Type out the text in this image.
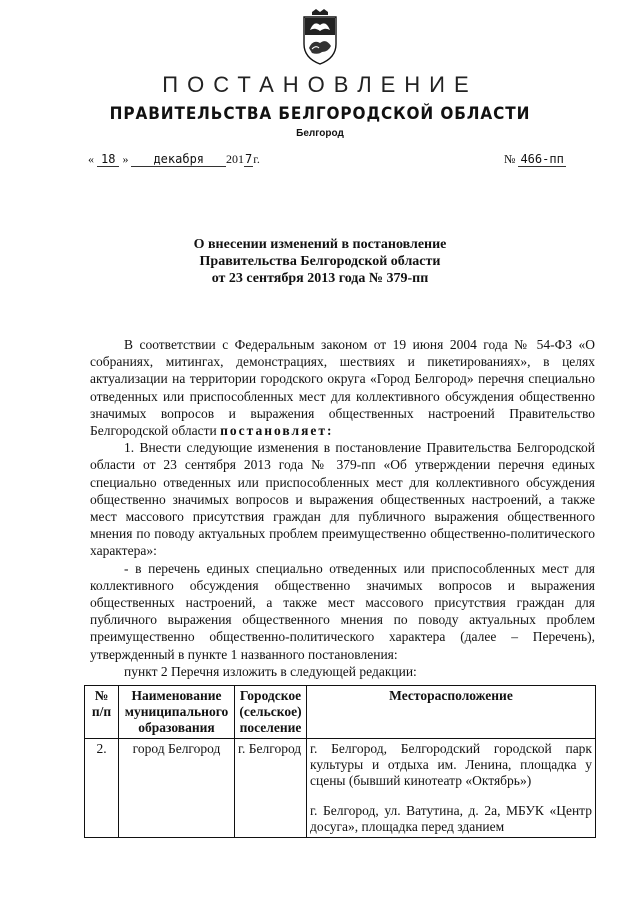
ПОСТАНОВЛЕНИЕ
ПРАВИТЕЛЬСТВА БЕЛГОРОДСКОЙ ОБЛАСТИ
Белгород
« 18 » декабря 2017г.	№ 466-пп
О внесении изменений в постановление
Правительства Белгородской области
от 23 сентября 2013 года № 379-пп

В соответствии с Федеральным законом от 19 июня 2004 года № 54-ФЗ «О собраниях, митингах, демонстрациях, шествиях и пикетированиях», в целях актуализации на территории городского округа «Город Белгород» перечня специально отведенных или приспособленных мест для коллективного обсуждения общественно значимых вопросов и выражения общественных настроений Правительство Белгородской области постановляет:

1. Внести следующие изменения в постановление Правительства Белгородской области от 23 сентября 2013 года № 379-пп «Об утверждении перечня единых специально отведенных или приспособленных мест для коллективного обсуждения общественно значимых вопросов и выражения общественных настроений, а также мест массового присутствия граждан для публичного выражения общественного мнения по поводу актуальных проблем преимущественно общественно-политического характера»:

- в перечень единых специально отведенных или приспособленных мест для коллективного обсуждения общественно значимых вопросов и выражения общественных настроений, а также мест массового присутствия граждан для публичного выражения общественного мнения по поводу актуальных проблем преимущественно общественно-политического характера (далее – Перечень), утвержденный в пункте 1 названного постановления:

пункт 2 Перечня изложить в следующей редакции:

№ п/п	Наименование муниципального образования	Городское (сельское) поселение	Месторасположение
2.	город Белгород	г. Белгород	г. Белгород, Белгородский городской парк культуры и отдыха им. Ленина, площадка у сцены (бывший кинотеатр «Октябрь»)
г. Белгород, ул. Ватутина, д. 2а, МБУК «Центр досуга», площадка перед зданием
